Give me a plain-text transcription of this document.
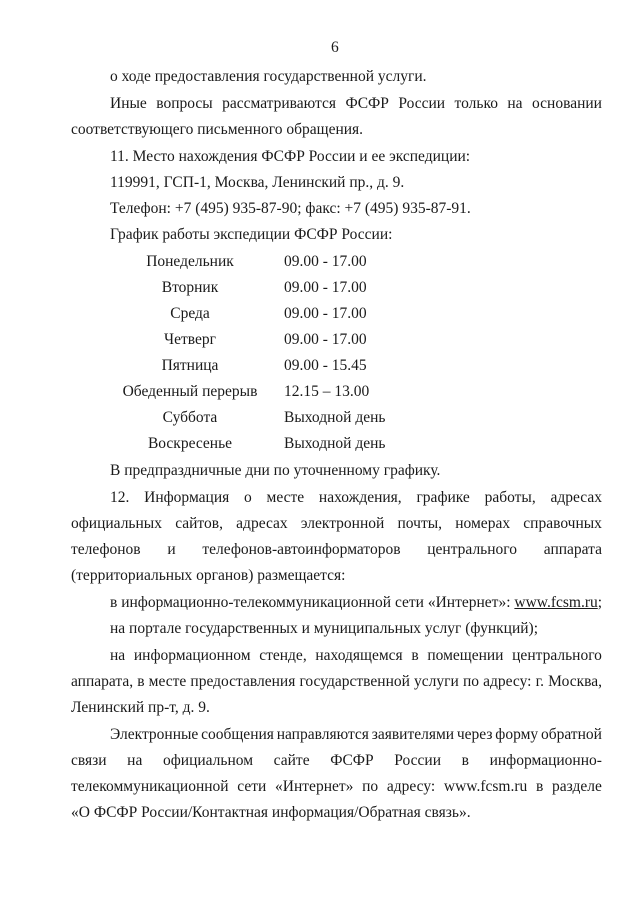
6
о ходе предоставления государственной услуги.
Иные вопросы рассматриваются ФСФР России только на основании
соответствующего письменного обращения.
11. Место нахождения ФСФР России и ее экспедиции:
119991, ГСП-1, Москва, Ленинский пр., д. 9.
Телефон: +7 (495) 935-87-90; факс: +7 (495) 935-87-91.
График работы экспедиции ФСФР России:
Понедельник	09.00 - 17.00
Вторник	09.00 - 17.00
Среда	09.00 - 17.00
Четверг	09.00 - 17.00
Пятница	09.00 - 15.45
Обеденный перерыв	12.15 – 13.00
Суббота	Выходной день
Воскресенье	Выходной день
В предпраздничные дни по уточненному графику.
12. Информация о месте нахождения, графике работы, адресах
официальных сайтов, адресах электронной почты, номерах справочных
телефонов и телефонов-автоинформаторов центрального аппарата
(территориальных органов) размещается:
в информационно-телекоммуникационной сети «Интернет»: www.fcsm.ru;
на портале государственных и муниципальных услуг (функций);
на информационном стенде, находящемся в помещении центрального
аппарата, в месте предоставления государственной услуги по адресу: г. Москва,
Ленинский пр-т, д. 9.
Электронные сообщения направляются заявителями через форму обратной
связи на официальном сайте ФСФР России в информационно-
телекоммуникационной сети «Интернет» по адресу: www.fcsm.ru в разделе
«О ФСФР России/Контактная информация/Обратная связь».
